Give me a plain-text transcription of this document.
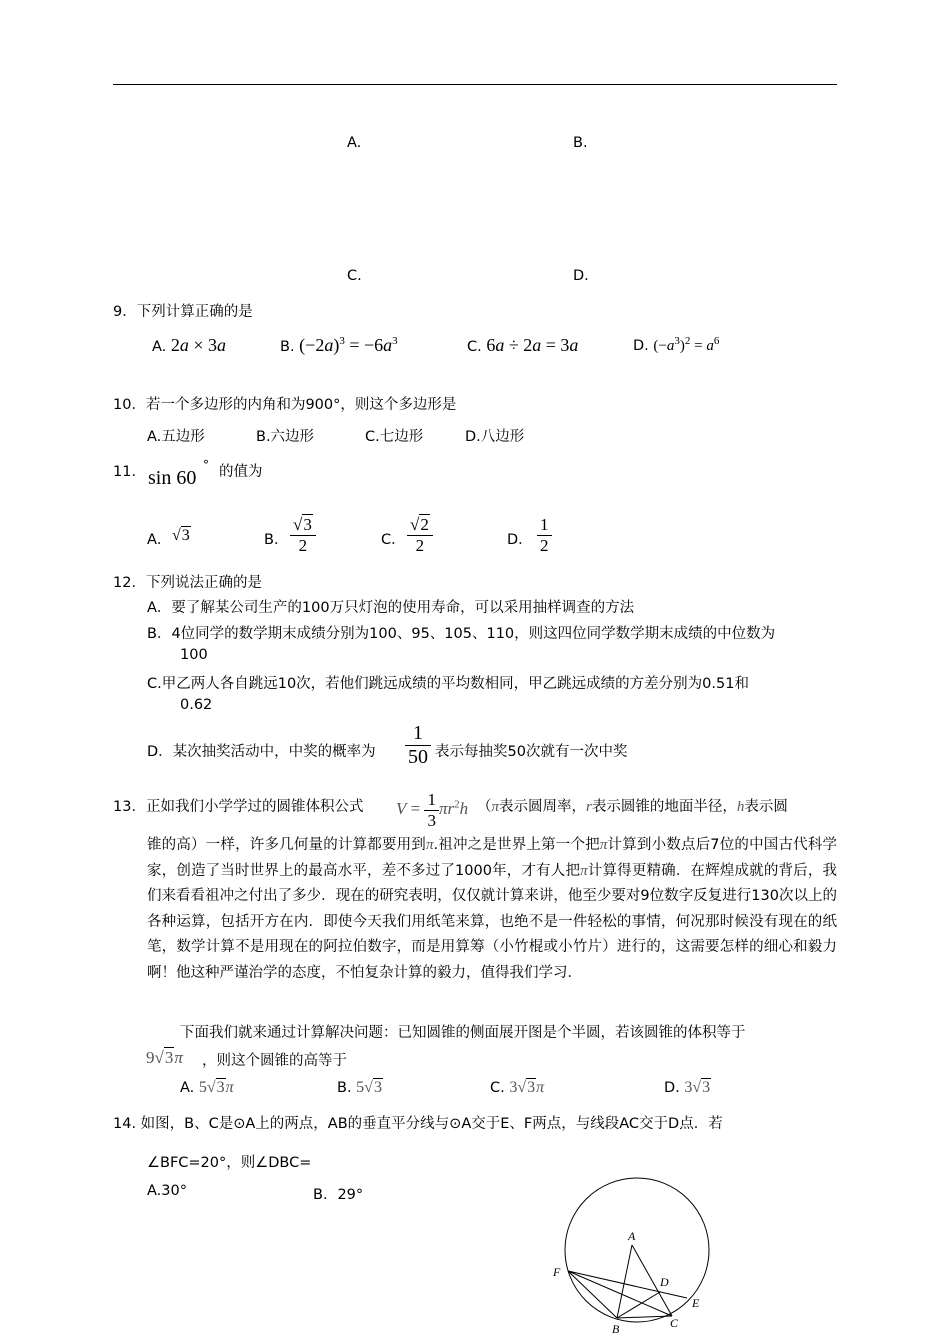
A.	B.
C.	D.
9．下列计算正确的是
A. 2a × 3a	B. $(-2a)^3 = -6a^3$	C. 6a ÷ 2a = 3a	D. $(-a^3)^2 = a^6$
10．若一个多边形的内角和为900°，则这个多边形是
A.五边形	B.六边形	C.七边形	D.八边形
11． sin 60
° 的值为
A． √3	B． $\frac{√3}{2}$	C． $\frac{√2}{2}$	D． $\frac{1}{2}$
12．下列说法正确的是
A．要了解某公司生产的100万只灯泡的使用寿命，可以采用抽样调查的方法
B．4位同学的数学期末成绩分别为100、95、105、110，则这四位同学数学期末成绩的中位数为
100
C.甲乙两人各自跳远10次，若他们跳远成绩的平均数相同，甲乙跳远成绩的方差分别为0.51和
0.62
D．某次抽奖活动中，中奖的概率为 $\frac{1}{50}$ 表示每抽奖50次就有一次中奖
13．正如我们小学学过的圆锥体积公式 $V = \frac{1}{3} \pi r^2h$ （π表示圆周率，r表示圆锥的地面半径，h表示圆
锥的高）一样，许多几何量的计算都要用到π.祖冲之是世界上第一个把π计算到小数点后7位的中国古代科学家，创造了当时世界上的最高水平，差不多过了1000年，才有人把π计算得更精确．在辉煌成就的背后，我们来看看祖冲之付出了多少．现在的研究表明，仅仅就计算来讲，他至少要对9位数字反复进行130次以上的各种运算，包括开方在内．即使今天我们用纸笔来算，也绝不是一件轻松的事情，何况那时候没有现在的纸笔，数学计算不是用现在的阿拉伯数字，而是用算筹（小竹棍或小竹片）进行的，这需要怎样的细心和毅力啊！他这种严谨治学的态度，不怕复杂计算的毅力，值得我们学习．
下面我们就来通过计算解决问题：已知圆锥的侧面展开图是个半圆，若该圆锥的体积等于
9√3π ，则这个圆锥的高等于
A. 5√3π	B. 5√3	C. 3√3π	D. 3√3
14. 如图，B、C是⊙A上的两点，AB的垂直平分线与⊙A交于E、F两点，与线段AC交于D点．若
∠BFC=20°，则∠DBC=
A.30°	B．29°
A
B	C
D
E
F
